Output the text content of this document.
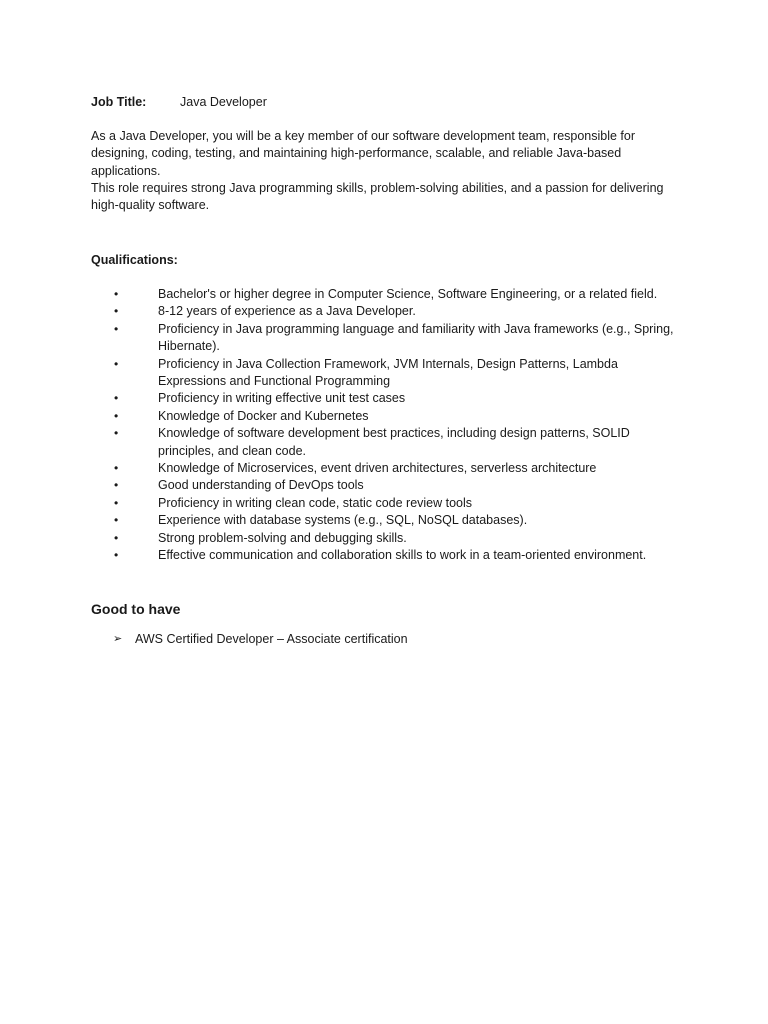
Job Title:	Java Developer

As a Java Developer, you will be a key member of our software development team, responsible for designing, coding, testing, and maintaining high-performance, scalable, and reliable Java-based applications.

This role requires strong Java programming skills, problem-solving abilities, and a passion for delivering high-quality software.

Qualifications:
•	Bachelor's or higher degree in Computer Science, Software Engineering, or a related field.
•	8-12 years of experience as a Java Developer.
•	Proficiency in Java programming language and familiarity with Java frameworks (e.g., Spring, Hibernate).
•	Proficiency in Java Collection Framework, JVM Internals, Design Patterns, Lambda Expressions and Functional Programming
•	Proficiency in writing effective unit test cases
•	Knowledge of Docker and Kubernetes
•	Knowledge of software development best practices, including design patterns, SOLID principles, and clean code.
•	Knowledge of Microservices, event driven architectures, serverless architecture
•	Good understanding of DevOps tools
•	Proficiency in writing clean code, static code review tools
•	Experience with database systems (e.g., SQL, NoSQL databases).
•	Strong problem-solving and debugging skills.
•	Effective communication and collaboration skills to work in a team-oriented environment.
Good to have
➢ AWS Certified Developer – Associate certification
